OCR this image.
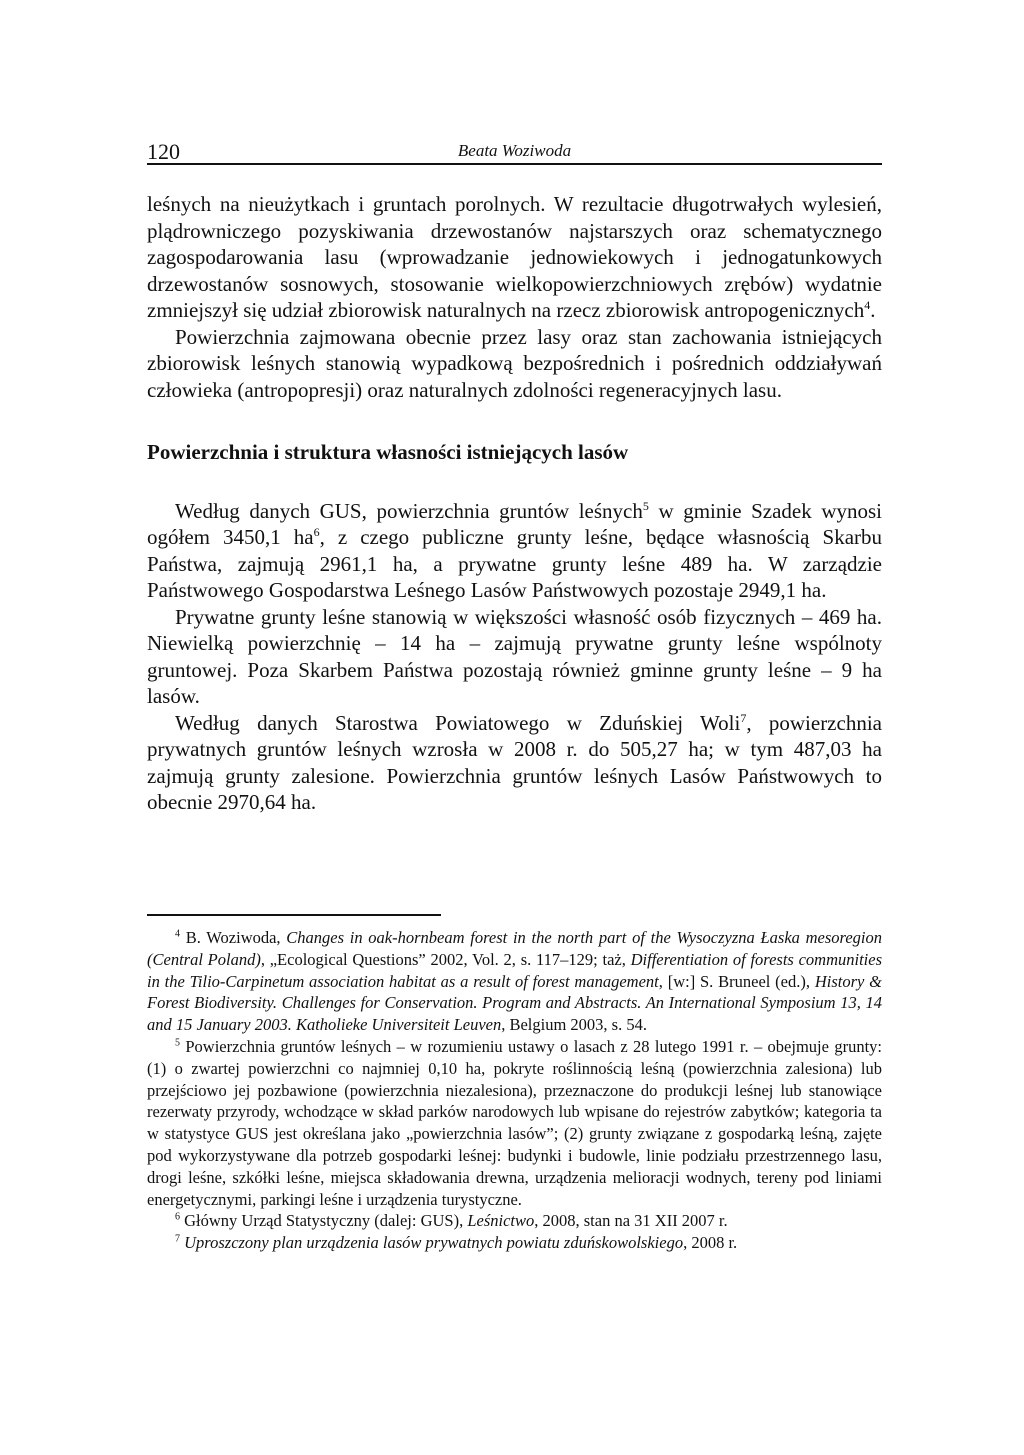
120	Beata Woziwoda

leśnych na nieużytkach i gruntach porolnych. W rezultacie długotrwałych wylesień, plądrowniczego pozyskiwania drzewostanów najstarszych oraz schematycznego zagospodarowania lasu (wprowadzanie jednowiekowych i jednogatunkowych drzewostanów sosnowych, stosowanie wielkopowierzchniowych zrębów) wydatnie zmniejszył się udział zbiorowisk naturalnych na rzecz zbiorowisk antropogenicznych$^4$.

Powierzchnia zajmowana obecnie przez lasy oraz stan zachowania istniejących zbiorowisk leśnych stanowią wypadkową bezpośrednich i pośrednich oddziaływań człowieka (antropopresji) oraz naturalnych zdolności regeneracyjnych lasu.

Powierzchnia i struktura własności istniejących lasów

Według danych GUS, powierzchnia gruntów leśnych$^5$ w gminie Szadek wynosi ogółem 3450,1 $ha^6$, z czego publiczne grunty leśne, będące własnością Skarbu Państwa, zajmują 2961,1 ha, a prywatne grunty leśne 489 ha. W zarządzie Państwowego Gospodarstwa Leśnego Lasów Państwowych pozostaje 2949,1 ha.

Prywatne grunty leśne stanowią w większości własność osób fizycznych – 469 ha. Niewielką powierzchnię – 14 ha – zajmują prywatne grunty leśne wspólnoty gruntowej. Poza Skarbem Państwa pozostają również gminne grunty leśne – 9 ha lasów.

Według danych Starostwa Powiatowego w Zduńskiej Woli$^7$, powierzchnia prywatnych gruntów leśnych wzrosła w 2008 r. do 505,27 ha; w tym 487,03 ha zajmują grunty zalesione. Powierzchnia gruntów leśnych Lasów Państwowych to obecnie 2970,64 ha.

$^4$ B. Woziwoda, Changes in oak-hornbeam forest in the north part of the Wysoczyzna Łaska mesoregion (Central Poland), „Ecological Questions” 2002, Vol. 2, s. 117–129; taż, Differentiation of forests communities in the Tilio-Carpinetum association habitat as a result of forest management, [w:] S. Bruneel (ed.), History & Forest Biodiversity. Challenges for Conservation. Program and Abstracts. An International Symposium 13, 14 and 15 January 2003. Katholieke Universiteit Leuven, Belgium 2003, s. 54.

$^5$ Powierzchnia gruntów leśnych – w rozumieniu ustawy o lasach z 28 lutego 1991 r. – obejmuje grunty: (1) o zwartej powierzchni co najmniej 0,10 ha, pokryte roślinnością leśną (powierzchnia zalesiona) lub przejściowo jej pozbawione (powierzchnia niezalesiona), przeznaczone do produkcji leśnej lub stanowiące rezerwaty przyrody, wchodzące w skład parków narodowych lub wpisane do rejestrów zabytków; kategoria ta w statystyce GUS jest określana jako „powierzchnia lasów”; (2) grunty związane z gospodarką leśną, zajęte pod wykorzystywane dla potrzeb gospodarki leśnej: budynki i budowle, linie podziału przestrzennego lasu, drogi leśne, szkółki leśne, miejsca składowania drewna, urządzenia melioracji wodnych, tereny pod liniami energetycznymi, parkingi leśne i urządzenia turystyczne.

$^6$ Główny Urząd Statystyczny (dalej: GUS), Leśnictwo, 2008, stan na 31 XII 2007 r.

$^7$ Uproszczony plan urządzenia lasów prywatnych powiatu zduńskowolskiego, 2008 r.
